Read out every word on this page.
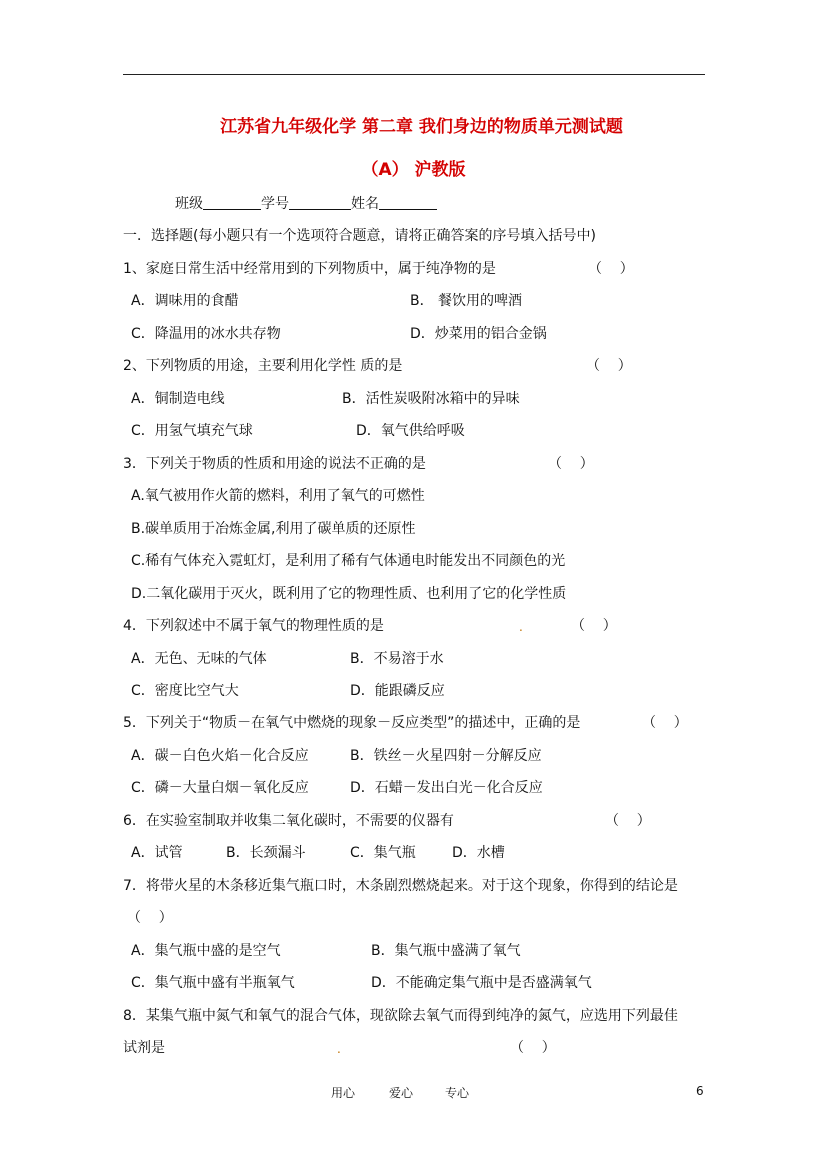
江苏省九年级化学 第二章 我们身边的物质单元测试题
（A） 沪教版
班级	学号	姓名
一．选择题(每小题只有一个选项符合题意，请将正确答案的序号填入括号中)
1、家庭日常生活中经常用到的下列物质中，属于纯净物的是	（    ）
A．调味用的食醋	B． 餐饮用的啤酒
C．降温用的冰水共存物	D．炒菜用的铝合金锅
2、下列物质的用途，主要利用化学性 质的是	（    ）
A．铜制造电线	B．活性炭吸附冰箱中的异味
C．用氢气填充气球	D．氧气供给呼吸
3．下列关于物质的性质和用途的说法不正确的是	（    ）
A.氧气被用作火箭的燃料，利用了氧气的可燃性
B.碳单质用于冶炼金属,利用了碳单质的还原性
C.稀有气体充入霓虹灯，是利用了稀有气体通电时能发出不同颜色的光
D.二氧化碳用于灭火，既利用了它的物理性质、也利用了它的化学性质
4．下列叙述中不属于氧气的物理性质的是	.	（    ）
A．无色、无味的气体	B．不易溶于水
C．密度比空气大	D．能跟磷反应
5．下列关于“物质－在氧气中燃烧的现象－反应类型”的描述中，正确的是	（    ）
A．碳－白色火焰－化合反应	B．铁丝－火星四射－分解反应
C．磷－大量白烟－氧化反应	D．石蜡－发出白光－化合反应
6．在实验室制取并收集二氧化碳时，不需要的仪器有	（    ）
A．试管	B．长颈漏斗	C．集气瓶	D．水槽
7．将带火星的木条移近集气瓶口时，木条剧烈燃烧起来。对于这个现象，你得到的结论是
（    ）
A．集气瓶中盛的是空气	B．集气瓶中盛满了氧气
C．集气瓶中盛有半瓶氧气	D．不能确定集气瓶中是否盛满氧气
8．某集气瓶中氮气和氧气的混合气体，现欲除去氧气而得到纯净的氮气，应选用下列最佳
试剂是	.	（    ）
用心	爱心	专心	6
